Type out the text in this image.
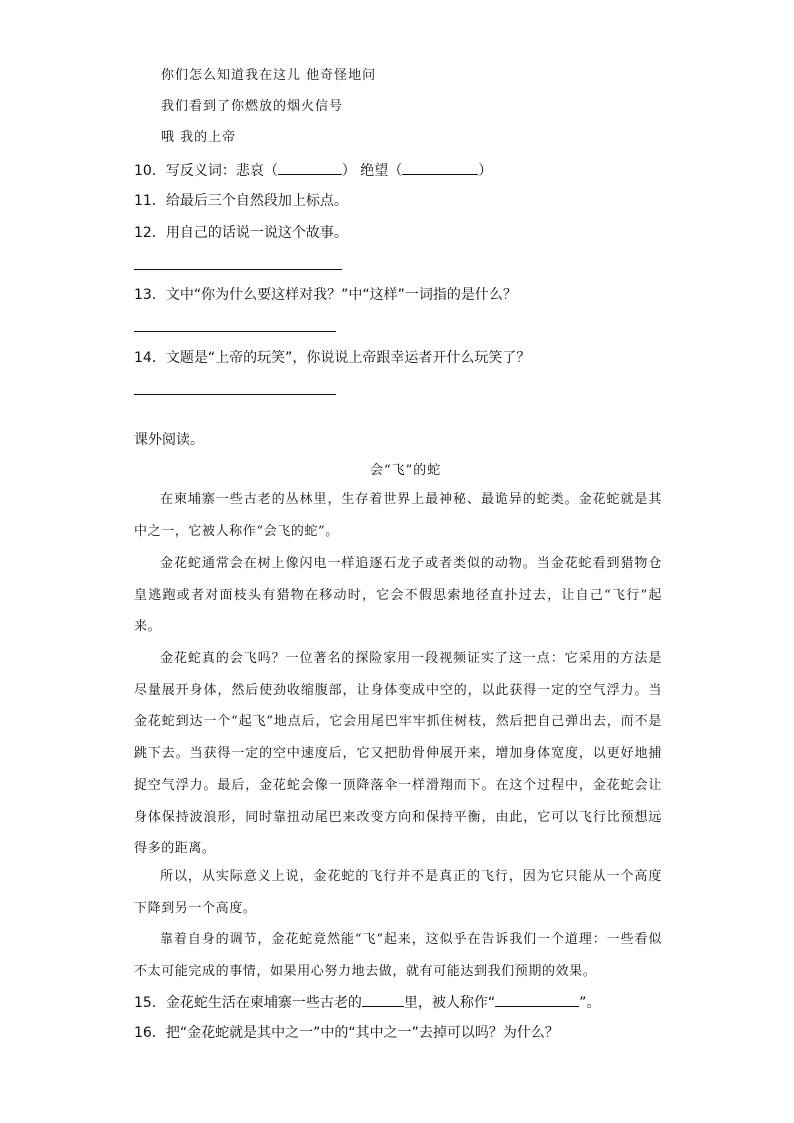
你们怎么知道我在这儿 他奇怪地问
我们看到了你燃放的烟火信号
哦 我的上帝
10．写反义词：悲哀（	） 绝望（	）
11．给最后三个自然段加上标点。
12．用自己的话说一说这个故事。
13．文中“你为什么要这样对我？”中“这样”一词指的是什么？
14．文题是“上帝的玩笑”，你说说上帝跟幸运者开什么玩笑了？
课外阅读。
会“飞”的蛇
在柬埔寨一些古老的丛林里，生存着世界上最神秘、最诡异的蛇类。金花蛇就是其中之一，它被人称作“会飞的蛇”。
金花蛇通常会在树上像闪电一样追逐石龙子或者类似的动物。当金花蛇看到猎物仓皇逃跑或者对面枝头有猎物在移动时，它会不假思索地径直扑过去，让自己“飞行”起来。
金花蛇真的会飞吗？一位著名的探险家用一段视频证实了这一点：它采用的方法是尽量展开身体，然后使劲收缩腹部，让身体变成中空的，以此获得一定的空气浮力。当金花蛇到达一个“起飞”地点后，它会用尾巴牢牢抓住树枝，然后把自己弹出去，而不是跳下去。当获得一定的空中速度后，它又把肋骨伸展开来，增加身体宽度，以更好地捕捉空气浮力。最后，金花蛇会像一顶降落伞一样滑翔而下。在这个过程中，金花蛇会让身体保持波浪形，同时靠扭动尾巴来改变方向和保持平衡，由此，它可以飞行比预想远得多的距离。
所以，从实际意义上说，金花蛇的飞行并不是真正的飞行，因为它只能从一个高度下降到另一个高度。
靠着自身的调节，金花蛇竟然能“飞”起来，这似乎在告诉我们一个道理：一些看似不太可能完成的事情，如果用心努力地去做，就有可能达到我们预期的效果。
15．金花蛇生活在柬埔寨一些古老的	里，被人称作“	”。
16．把“金花蛇就是其中之一”中的“其中之一”去掉可以吗？为什么？
